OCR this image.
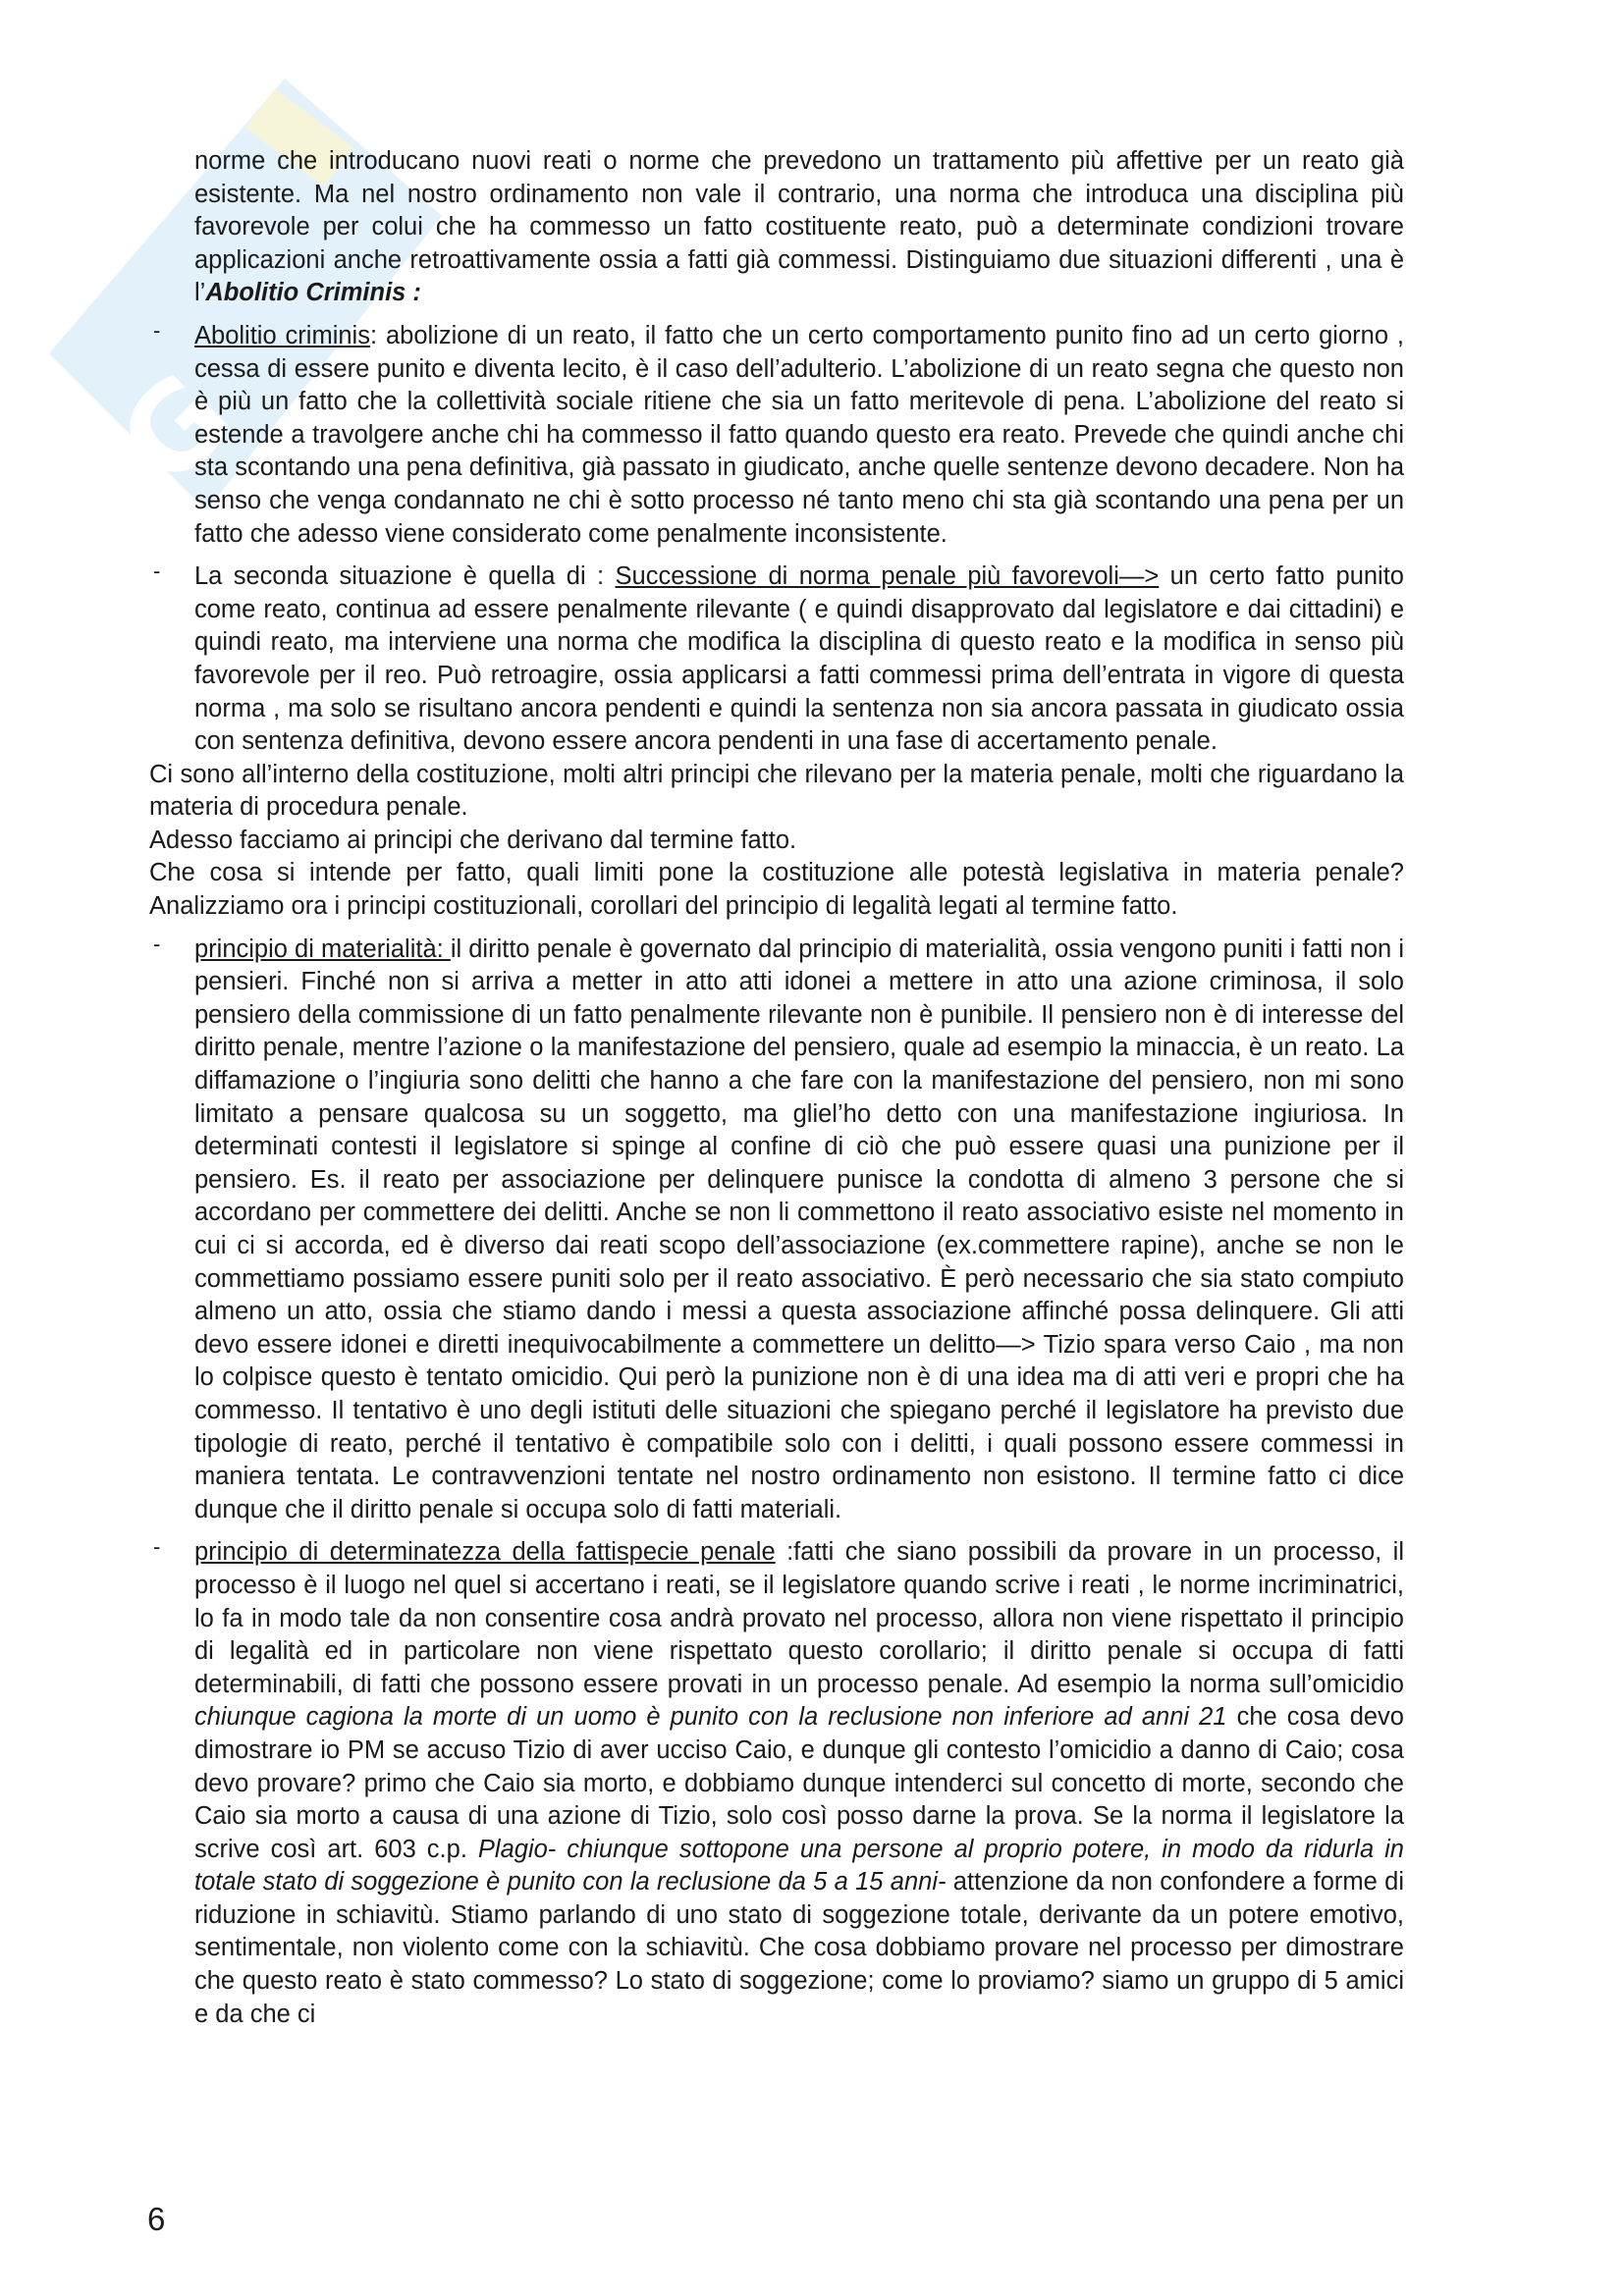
G

norme che introducano nuovi reati o norme che prevedono un trattamento più affettive per un reato già esistente. Ma nel nostro ordinamento non vale il contrario, una norma che introduca una disciplina più favorevole per colui che ha commesso un fatto costituente reato, può a determinate condizioni trovare applicazioni anche retroattivamente ossia a fatti già commessi. Distinguiamo due situazioni differenti , una è l’Abolitio Criminis :

- Abolitio criminis: abolizione di un reato, il fatto che un certo comportamento punito fino ad un certo giorno , cessa di essere punito e diventa lecito, è il caso dell’adulterio. L’abolizione di un reato segna che questo non è più un fatto che la collettività sociale ritiene che sia un fatto meritevole di pena. L’abolizione del reato si estende a travolgere anche chi ha commesso il fatto quando questo era reato. Prevede che quindi anche chi sta scontando una pena definitiva, già passato in giudicato, anche quelle sentenze devono decadere. Non ha senso che venga condannato ne chi è sotto processo né tanto meno chi sta già scontando una pena per un fatto che adesso viene considerato come penalmente inconsistente.
- La seconda situazione è quella di : Successione di norma penale più favorevoli—> un certo fatto punito come reato, continua ad essere penalmente rilevante ( e quindi disapprovato dal legislatore e dai cittadini) e quindi reato, ma interviene una norma che modifica la disciplina di questo reato e la modifica in senso più favorevole per il reo. Può retroagire, ossia applicarsi a fatti commessi prima dell’entrata in vigore di questa norma , ma solo se risultano ancora pendenti e quindi la sentenza non sia ancora passata in giudicato ossia con sentenza definitiva, devono essere ancora pendenti in una fase di accertamento penale.

Ci sono all’interno della costituzione, molti altri principi che rilevano per la materia penale, molti che riguardano la materia di procedura penale.

Adesso facciamo ai principi che derivano dal termine fatto.

Che cosa si intende per fatto, quali limiti pone la costituzione alle potestà legislativa in materia penale?Analizziamo ora i principi costituzionali, corollari del principio di legalità legati al termine fatto.

- principio di materialità: il diritto penale è governato dal principio di materialità, ossia vengono puniti i fatti non i pensieri. Finché non si arriva a metter in atto atti idonei a mettere in atto una azione criminosa, il solo pensiero della commissione di un fatto penalmente rilevante non è punibile. Il pensiero non è di interesse del diritto penale, mentre l’azione o la manifestazione del pensiero, quale ad esempio la minaccia, è un reato. La diffamazione o l’ingiuria sono delitti che hanno a che fare con la manifestazione del pensiero, non mi sono limitato a pensare qualcosa su un soggetto, ma gliel’ho detto con una manifestazione ingiuriosa. In determinati contesti il legislatore si spinge al confine di ciò che può essere quasi una punizione per il pensiero. Es. il reato per associazione per delinquere punisce la condotta di almeno 3 persone che si accordano per commettere dei delitti. Anche se non li commettono il reato associativo esiste nel momento in cui ci si accorda, ed è diverso dai reati scopo dell’associazione (ex.commettere rapine), anche se non le commettiamo possiamo essere puniti solo per il reato associativo. È però necessario che sia stato compiuto almeno un atto, ossia che stiamo dando i messi a questa associazione affinché possa delinquere. Gli atti devo essere idonei e diretti inequivocabilmente a commettere un delitto—> Tizio spara verso Caio , ma non lo colpisce questo è tentato omicidio. Qui però la punizione non è di una idea ma di atti veri e propri che ha commesso. Il tentativo è uno degli istituti delle situazioni che spiegano perché il legislatore ha previsto due tipologie di reato, perché il tentativo è compatibile solo con i delitti, i quali possono essere commessi in maniera tentata. Le contravvenzioni tentate nel nostro ordinamento non esistono. Il termine fatto ci dice dunque che il diritto penale si occupa solo di fatti materiali.
- principio di determinatezza della fattispecie penale :fatti che siano possibili da provare in un processo, il processo è il luogo nel quel si accertano i reati, se il legislatore quando scrive i reati , le norme incriminatrici, lo fa in modo tale da non consentire cosa andrà provato nel processo, allora non viene rispettato il principio di legalità ed in particolare non viene rispettato questo corollario; il diritto penale si occupa di fatti determinabili, di fatti che possono essere provati in un processo penale. Ad esempio la norma sull’omicidio chiunque cagiona la morte di un uomo è punito con la reclusione non inferiore ad anni 21 che cosa devo dimostrare io PM se accuso Tizio di aver ucciso Caio, e dunque gli contesto l’omicidio a danno di Caio; cosa devo provare? primo che Caio sia morto, e dobbiamo dunque intenderci sul concetto di morte, secondo che Caio sia morto a causa di una azione di Tizio, solo così posso darne la prova. Se la norma il legislatore la scrive così art. 603 c.p. Plagio- chiunque sottopone una persone al proprio potere, in modo da ridurla in totale stato di soggezione è punito con la reclusione da 5 a 15 anni- attenzione da non confondere a forme di riduzione in schiavitù. Stiamo parlando di uno stato di soggezione totale, derivante da un potere emotivo, sentimentale, non violento come con la schiavitù. Che cosa dobbiamo provare nel processo per dimostrare che questo reato è stato commesso? Lo stato di soggezione; come lo proviamo? siamo un gruppo di 5 amici e da che ci
6
